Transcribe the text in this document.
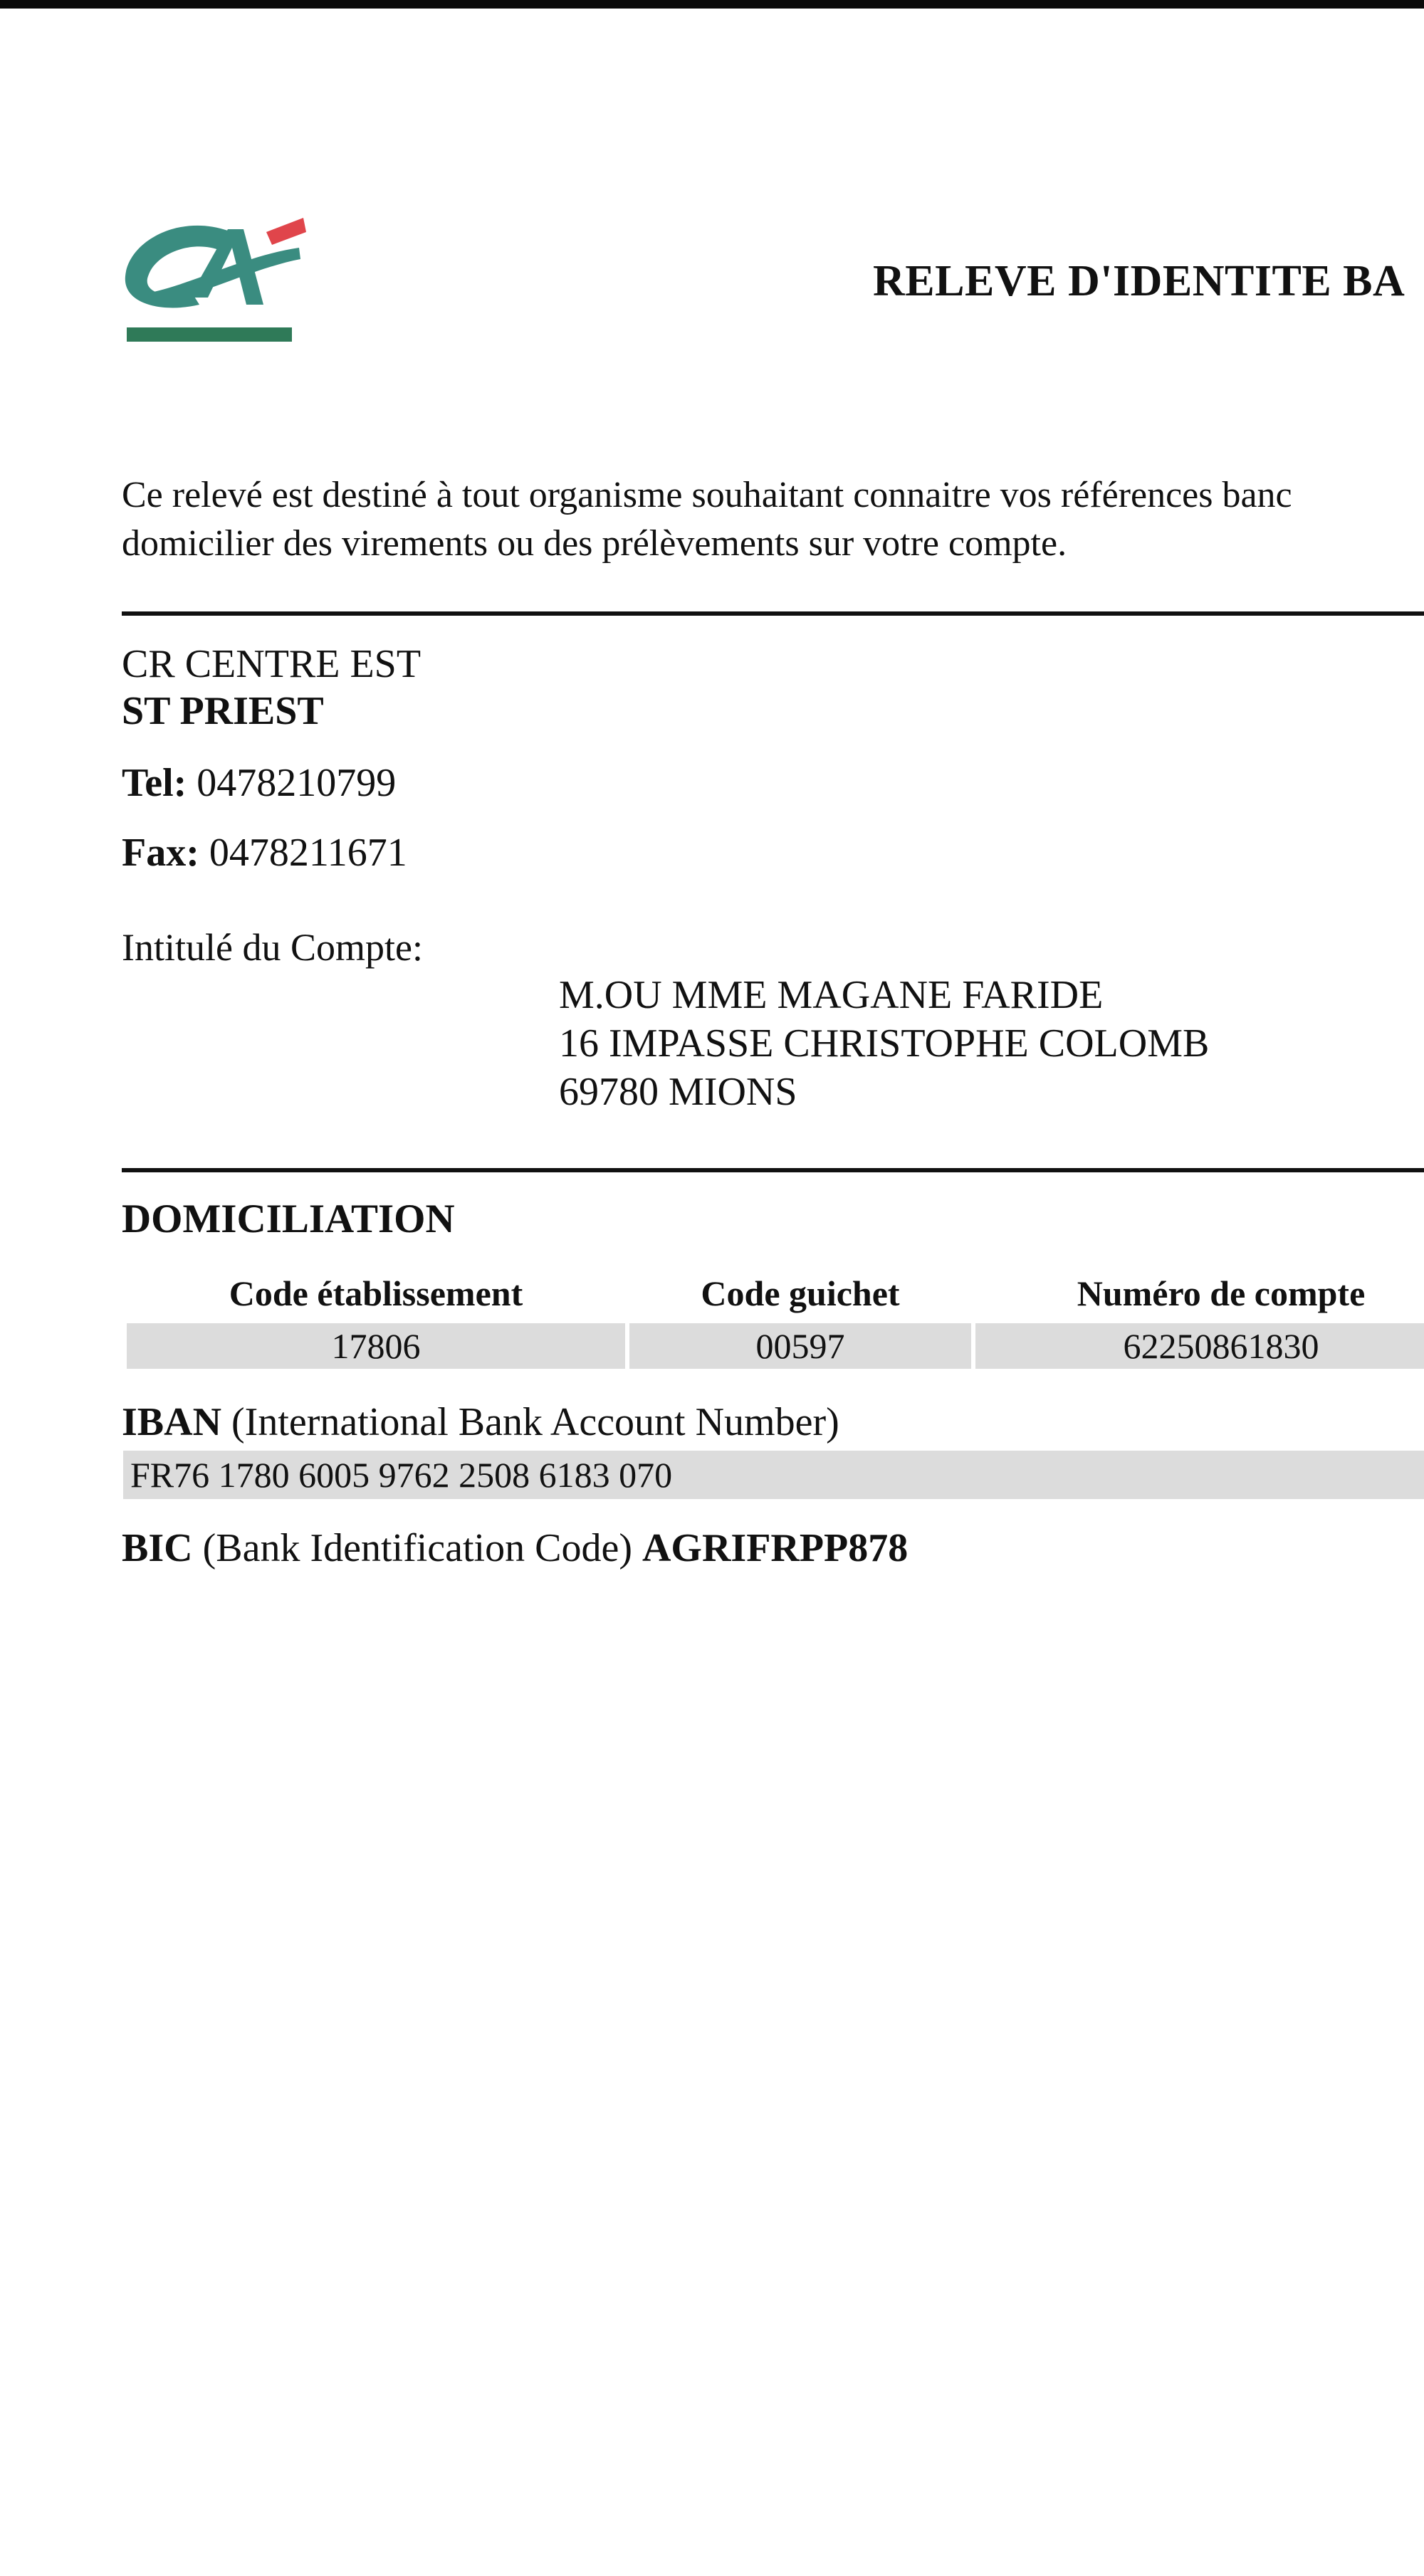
RELEVE D'IDENTITE BA
Ce relevé est destiné à tout organisme souhaitant connaitre vos références banc
domicilier des virements ou des prélèvements sur votre compte.
CR CENTRE EST
ST PRIEST
Tel: 0478210799
Fax: 0478211671
Intitulé du Compte:
M.OU MME MAGANE FARIDE
16 IMPASSE CHRISTOPHE COLOMB
69780 MIONS
DOMICILIATION
Code établissement	Code guichet	Numéro de compte
17806	00597	62250861830
IBAN (International Bank Account Number)
FR76 1780 6005 9762 2508 6183 070
BIC (Bank Identification Code) AGRIFRPP878
